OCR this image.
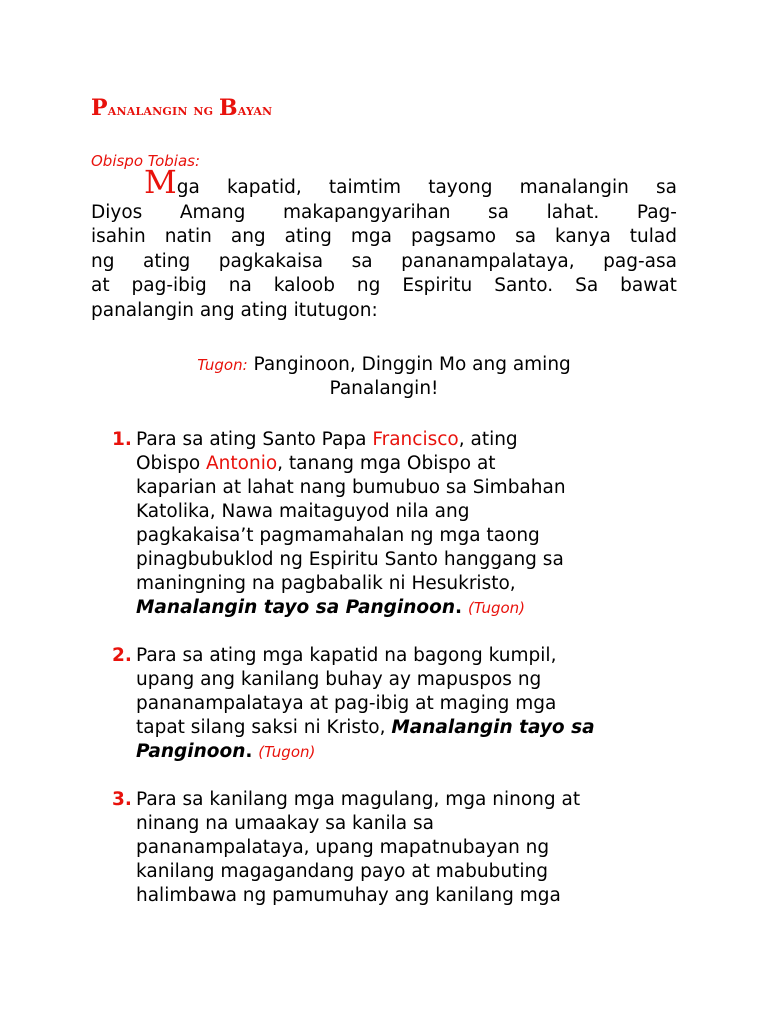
Panalangin ng Bayan

Obispo Tobias:

Mga kapatid, taimtim tayong manalangin sa
Diyos Amang makapangyarihan sa lahat. Pag-
isahin natin ang ating mga pagsamo sa kanya tulad
ng ating pagkakaisa sa pananampalataya, pag-asa
at pag-ibig na kaloob ng Espiritu Santo. Sa bawat
panalangin ang ating itutugon:
Tugon: Panginoon, Dinggin Mo ang aming
Panalangin!
1. Para sa ating Santo Papa Francisco, ating
Obispo Antonio, tanang mga Obispo at
kaparian at lahat nang bumubuo sa Simbahan
Katolika, Nawa maitaguyod nila ang
pagkakaisa’t pagmamahalan ng mga taong
pinagbubuklod ng Espiritu Santo hanggang sa
maningning na pagbabalik ni Hesukristo,
Manalangin tayo sa Panginoon. (Tugon)
2. Para sa ating mga kapatid na bagong kumpil,
upang ang kanilang buhay ay mapuspos ng
pananampalataya at pag-ibig at maging mga
tapat silang saksi ni Kristo, Manalangin tayo sa
Panginoon. (Tugon)
3. Para sa kanilang mga magulang, mga ninong at
ninang na umaakay sa kanila sa
pananampalataya, upang mapatnubayan ng
kanilang magagandang payo at mabubuting
halimbawa ng pamumuhay ang kanilang mga
